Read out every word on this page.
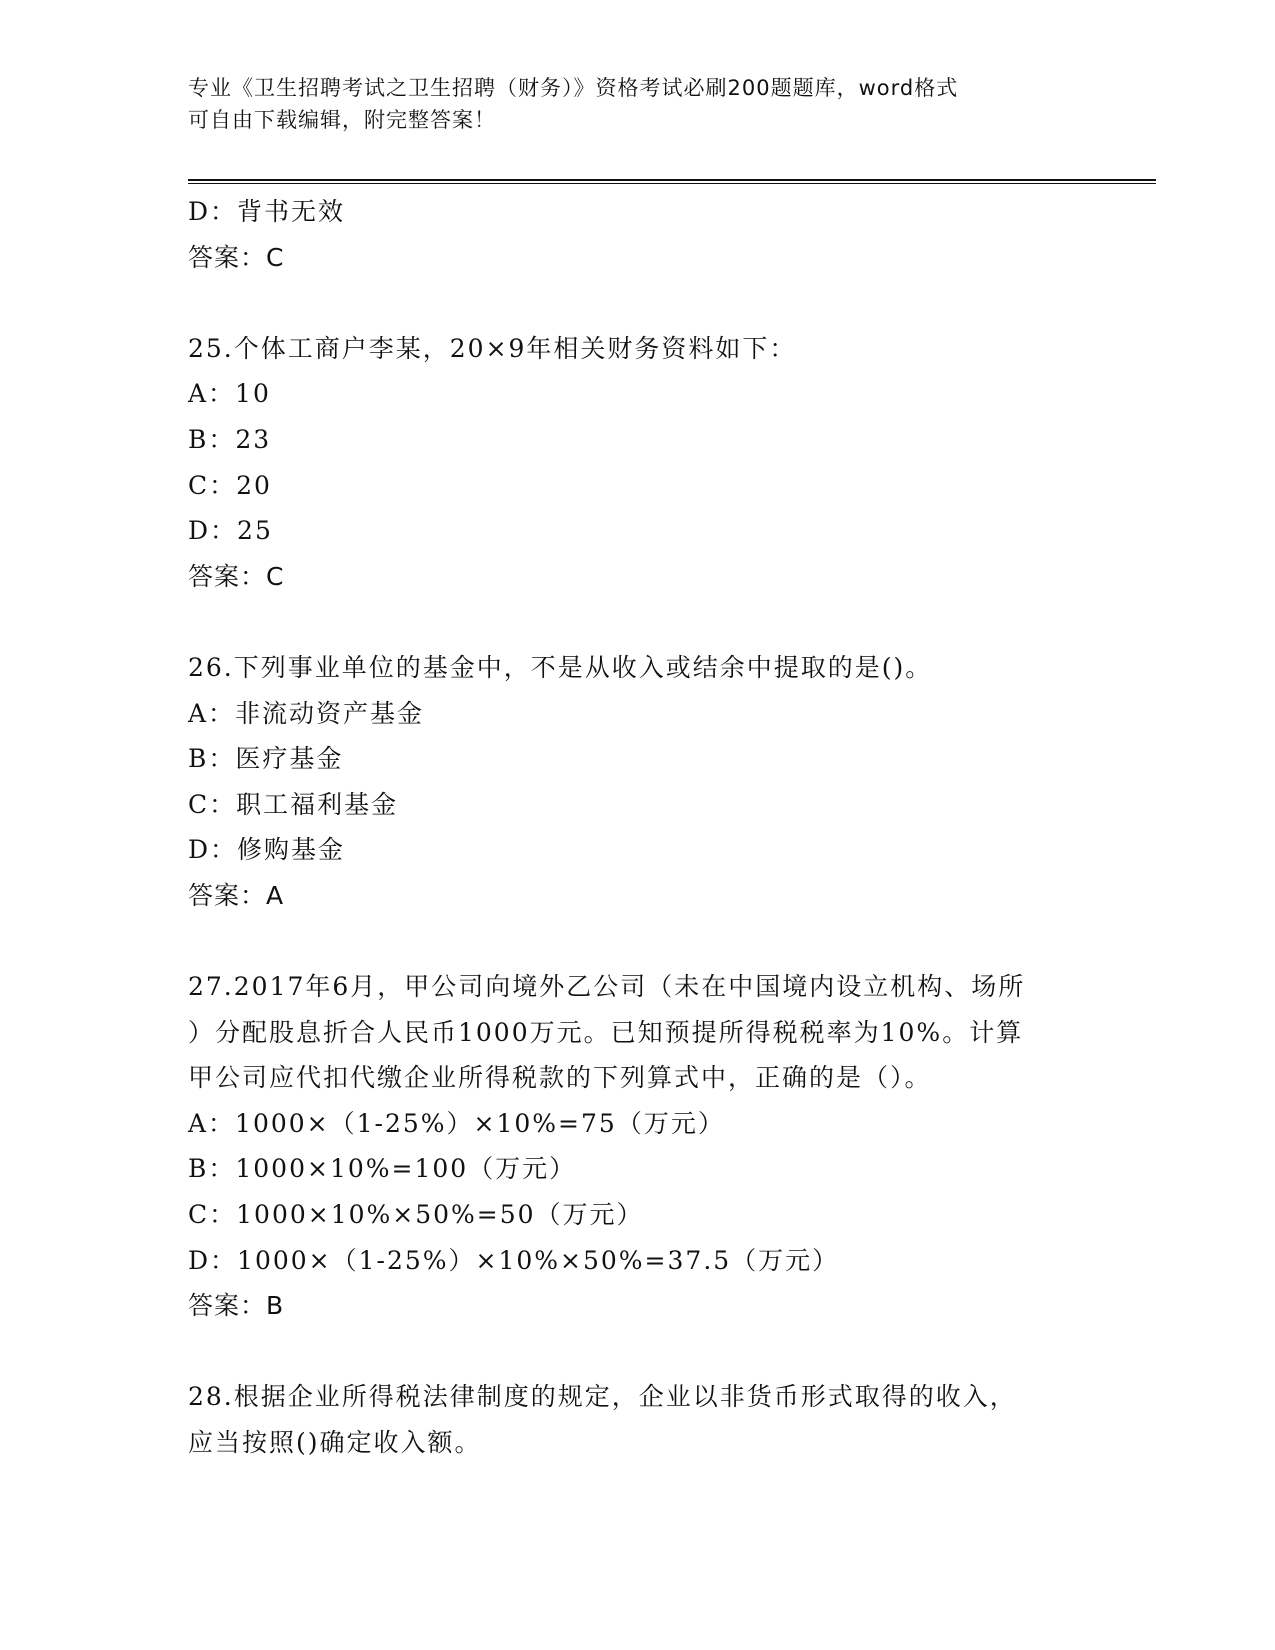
专业《卫生招聘考试之卫生招聘（财务）》资格考试必刷200题题库，word格式
可自由下载编辑，附完整答案！
D：背书无效
答案：C
25.个体工商户李某，20×9年相关财务资料如下：
A：10
B：23
C：20
D：25
答案：C
26.下列事业单位的基金中，不是从收入或结余中提取的是()。
A：非流动资产基金
B：医疗基金
C：职工福利基金
D：修购基金
答案：A
27.2017年6月，甲公司向境外乙公司（未在中国境内设立机构、场所
）分配股息折合人民币1000万元。已知预提所得税税率为10%。计算
甲公司应代扣代缴企业所得税款的下列算式中，正确的是（）。
A：1000×（1-25%）×10%=75（万元）
B：1000×10%=100（万元）
C：1000×10%×50%=50（万元）
D：1000×（1-25%）×10%×50%=37.5（万元）
答案：B
28.根据企业所得税法律制度的规定，企业以非货币形式取得的收入，
应当按照()确定收入额。
